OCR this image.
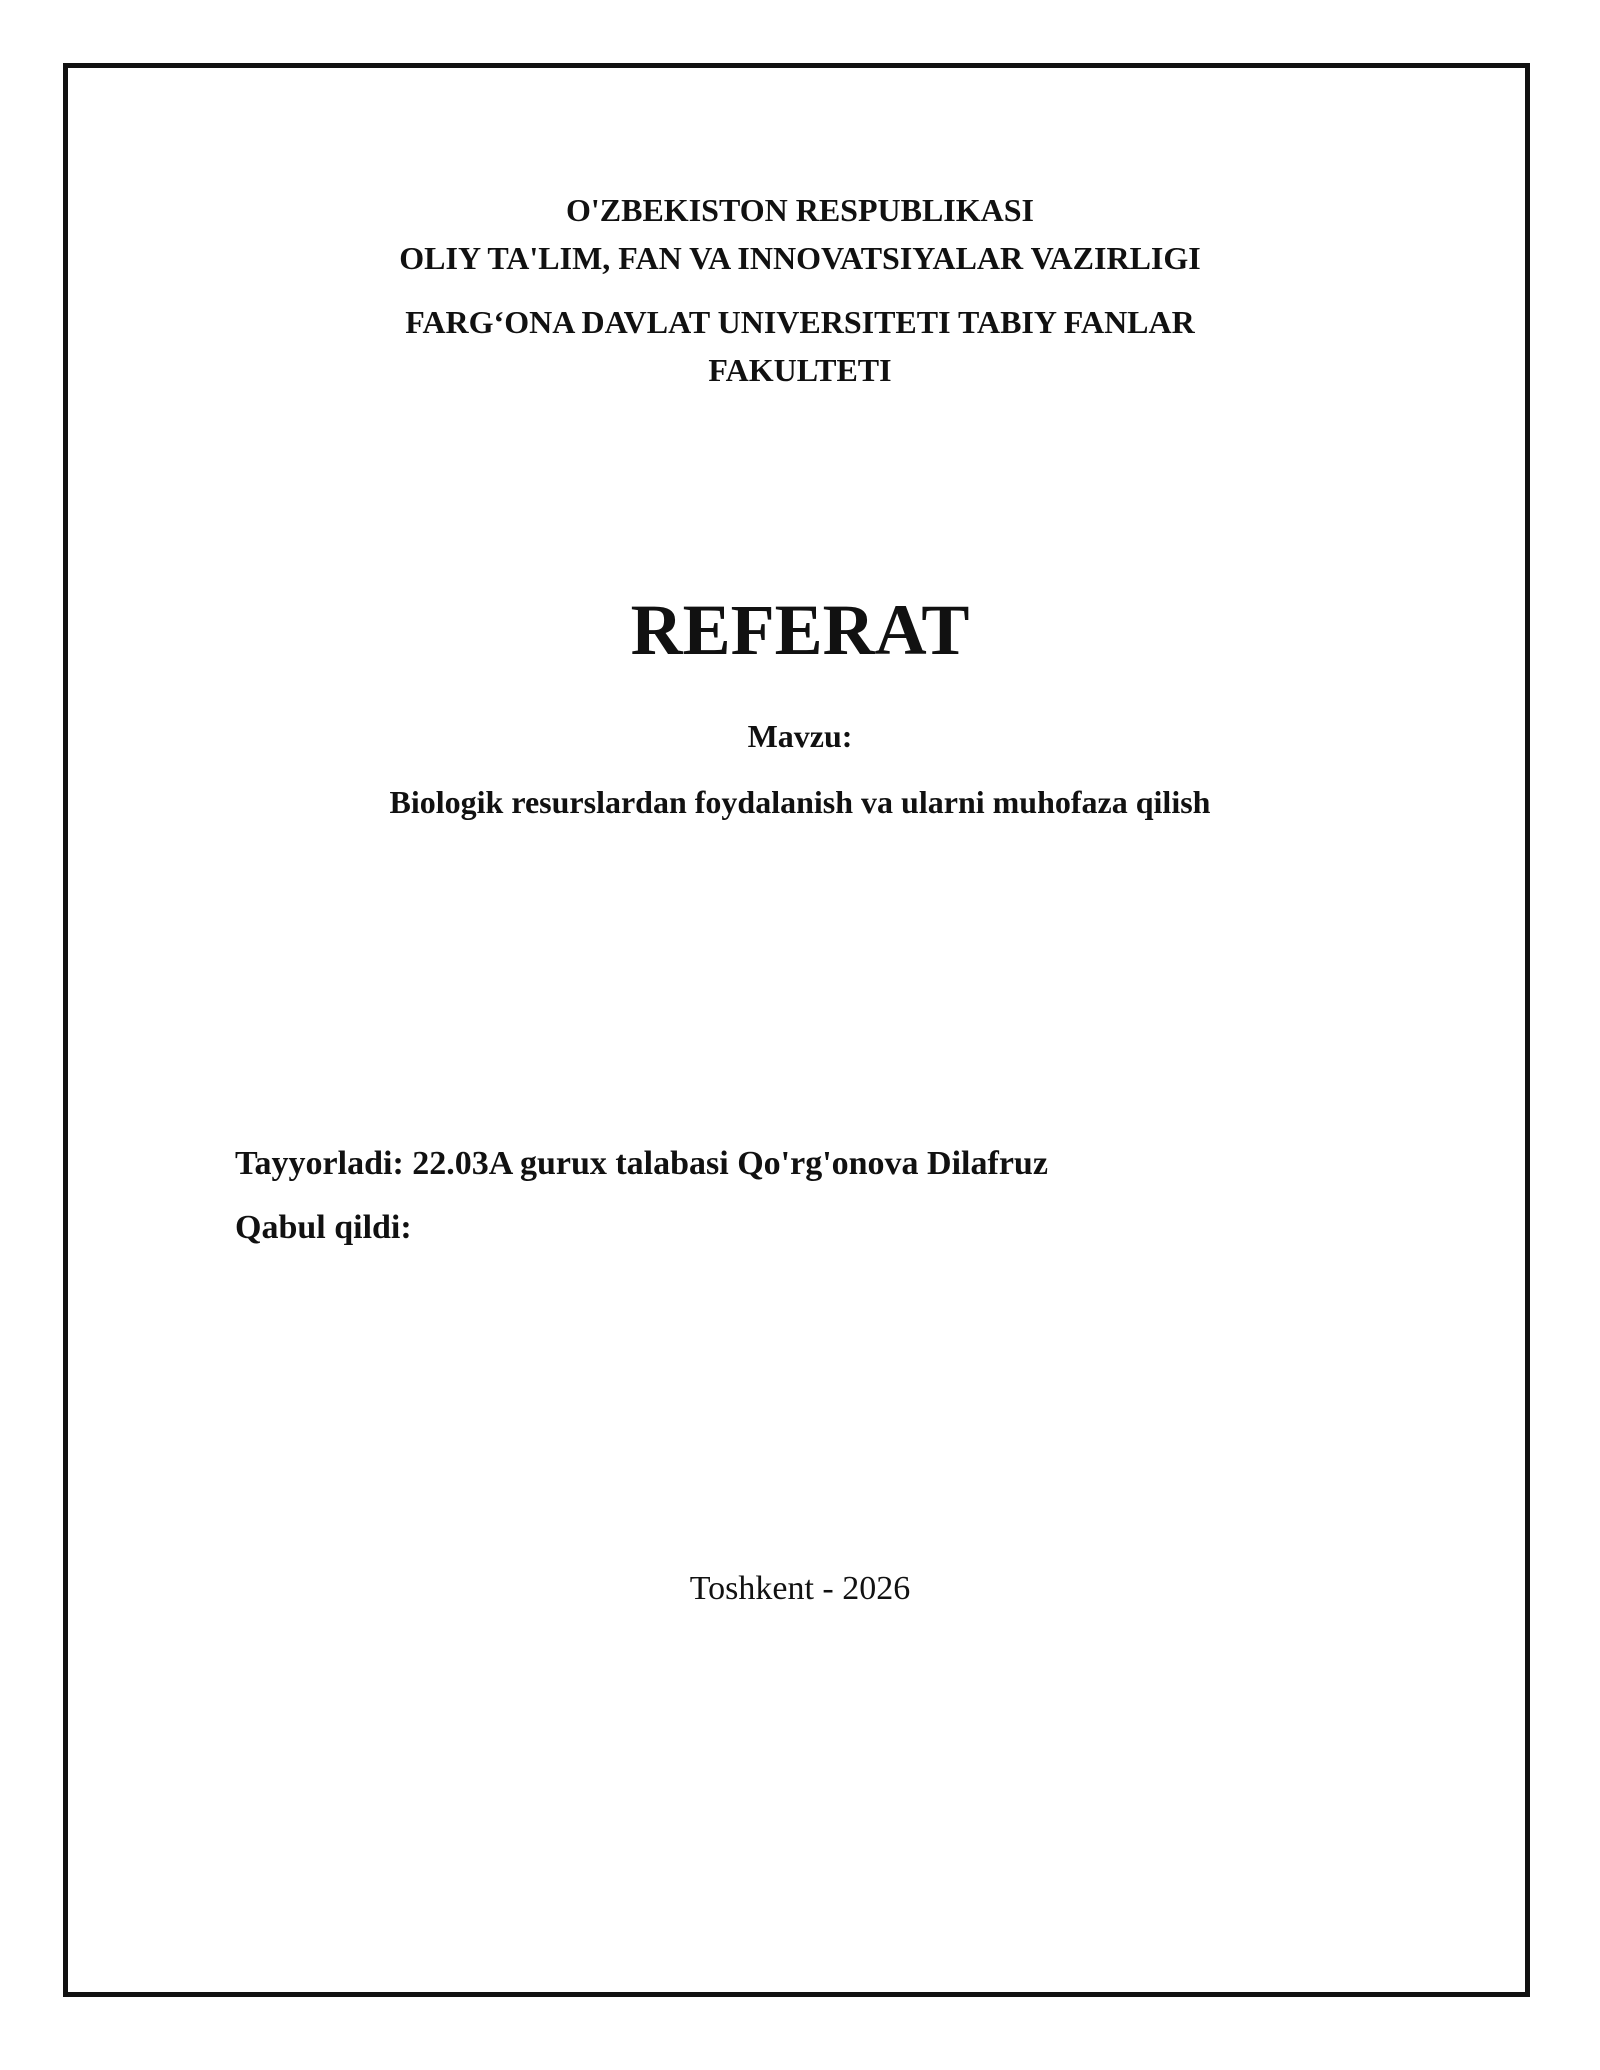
O'ZBEKISTON RESPUBLIKASI
OLIY TA'LIM, FAN VA INNOVATSIYALAR VAZIRLIGI
FARG‘ONA DAVLAT UNIVERSITETI TABIY FANLAR
FAKULTETI
REFERAT
Mavzu:
Biologik resurslardan foydalanish va ularni muhofaza qilish
Tayyorladi: 22.03A gurux talabasi Qo'rg'onova Dilafruz
Qabul qildi:
Toshkent - 2026
